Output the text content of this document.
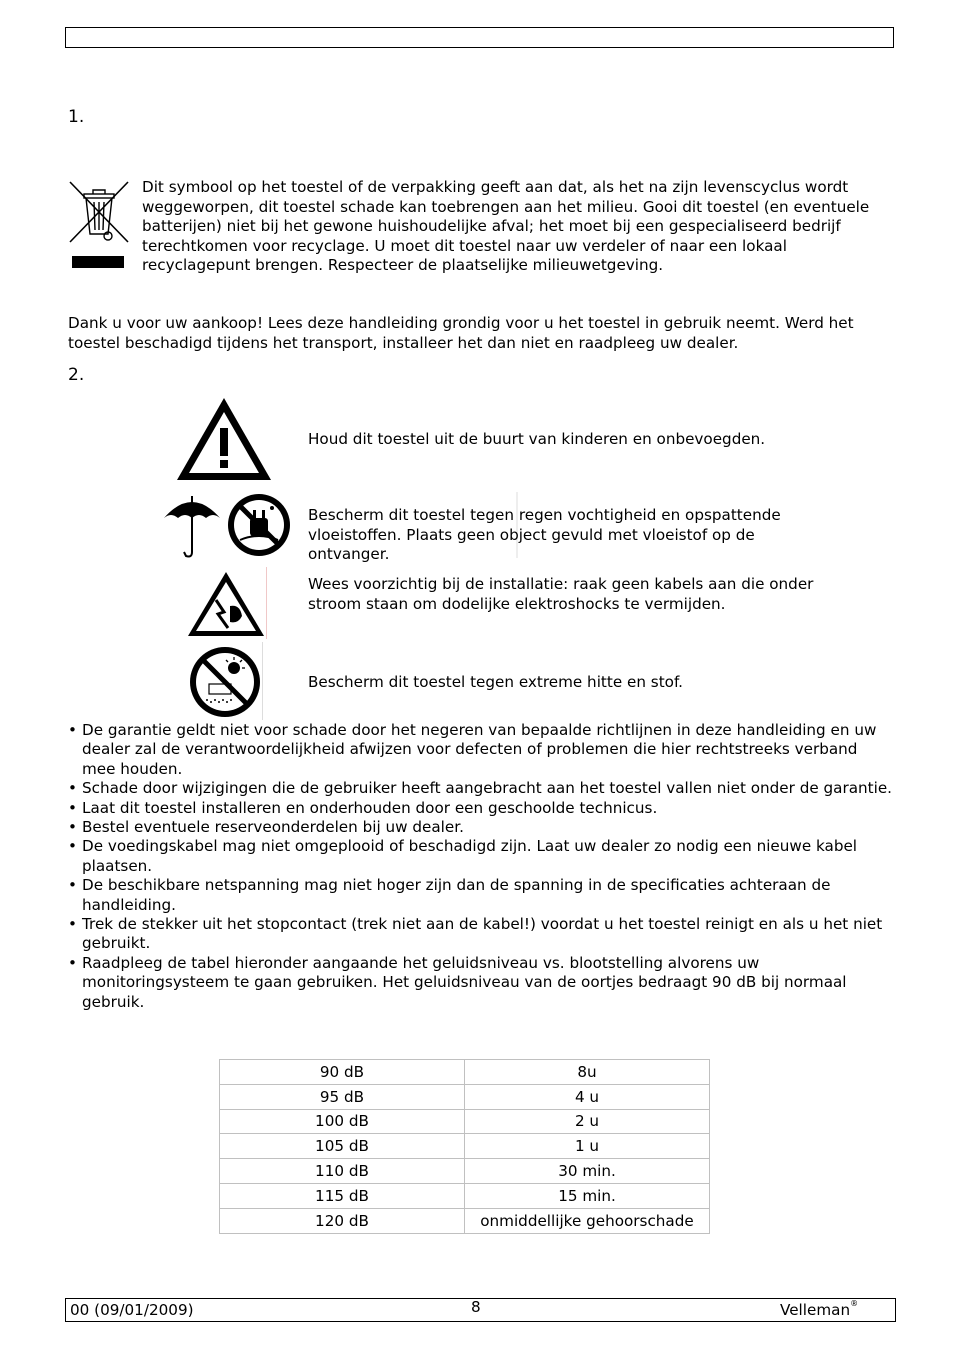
1.

Dit symbool op het toestel of de verpakking geeft aan dat, als het na zijn levenscyclus wordt weggeworpen, dit toestel schade kan toebrengen aan het milieu. Gooi dit toestel (en eventuele batterijen) niet bij het gewone huishoudelijke afval; het moet bij een gespecialiseerd bedrijf terechtkomen voor recyclage. U moet dit toestel naar uw verdeler of naar een lokaal recyclagepunt brengen. Respecteer de plaatselijke milieuwetgeving.

Dank u voor uw aankoop! Lees deze handleiding grondig voor u het toestel in gebruik neemt. Werd het toestel beschadigd tijdens het transport, installeer het dan niet en raadpleeg uw dealer.

2.

Houd dit toestel uit de buurt van kinderen en onbevoegden.

Bescherm dit toestel tegen regen vochtigheid en opspattende vloeistoffen. Plaats geen object gevuld met vloeistof op de ontvanger.

Wees voorzichtig bij de installatie: raak geen kabels aan die onder stroom staan om dodelijke elektroshocks te vermijden.

Bescherm dit toestel tegen extreme hitte en stof.

• De garantie geldt niet voor schade door het negeren van bepaalde richtlijnen in deze handleiding en uw dealer zal de verantwoordelijkheid afwijzen voor defecten of problemen die hier rechtstreeks verband mee houden.
• Schade door wijzigingen die de gebruiker heeft aangebracht aan het toestel vallen niet onder de garantie.
• Laat dit toestel installeren en onderhouden door een geschoolde technicus.
• Bestel eventuele reserveonderdelen bij uw dealer.
• De voedingskabel mag niet omgeplooid of beschadigd zijn. Laat uw dealer zo nodig een nieuwe kabel plaatsen.
• De beschikbare netspanning mag niet hoger zijn dan de spanning in de specificaties achteraan de handleiding.
• Trek de stekker uit het stopcontact (trek niet aan de kabel!) voordat u het toestel reinigt en als u het niet gebruikt.
• Raadpleeg de tabel hieronder aangaande het geluidsniveau vs. blootstelling alvorens uw monitoringsysteem te gaan gebruiken. Het geluidsniveau van de oortjes bedraagt 90 dB bij normaal gebruik.
90 dB	8u
95 dB	4 u
100 dB	2 u
105 dB	1 u
110 dB	30 min.
115 dB	15 min.
120 dB	onmiddellijke gehoorschade
00 (09/01/2009)	8	Velleman®
